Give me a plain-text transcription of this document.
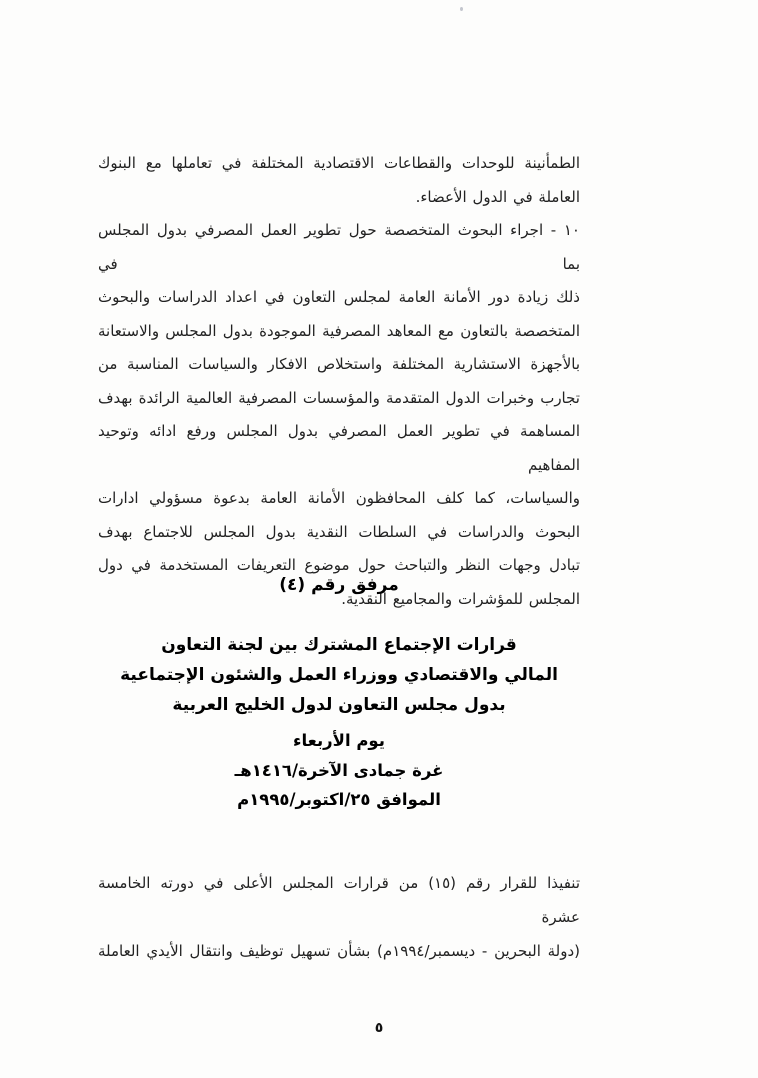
الطمأنينة للوحدات والقطاعات الاقتصادية المختلفة في تعاملها مع البنوك
العاملة في الدول الأعضاء.
١٠ - اجراء البحوث المتخصصة حول تطوير العمل المصرفي بدول المجلس بما في
ذلك زيادة دور الأمانة العامة لمجلس التعاون في اعداد الدراسات والبحوث
المتخصصة بالتعاون مع المعاهد المصرفية الموجودة بدول المجلس والاستعانة
بالأجهزة الاستشارية المختلفة واستخلاص الافكار والسياسات المناسبة من
تجارب وخبرات الدول المتقدمة والمؤسسات المصرفية العالمية الرائدة بهدف
المساهمة في تطوير العمل المصرفي بدول المجلس ورفع ادائه وتوحيد المفاهيم
والسياسات، كما كلف المحافظون الأمانة العامة بدعوة مسؤولي ادارات
البحوث والدراسات في السلطات النقدية بدول المجلس للاجتماع بهدف
تبادل وجهات النظر والتباحث حول موضوع التعريفات المستخدمة في دول
المجلس للمؤشرات والمجاميع النقدية.
مرفق رقم (٤)
قرارات الإجتماع المشترك بين لجنة التعاون
المالي والاقتصادي ووزراء العمل والشئون الإجتماعية
بدول مجلس التعاون لدول الخليج العربية
يوم الأربعاء
غرة جمادى الآخرة/١٤١٦هـ
الموافق ٢٥/اكتوبر/١٩٩٥م
تنفيذا للقرار رقم (١٥) من قرارات المجلس الأعلى في دورته الخامسة عشرة
(دولة البحرين - ديسمبر/١٩٩٤م) بشأن تسهيل توظيف وانتقال الأيدي العاملة
٥
